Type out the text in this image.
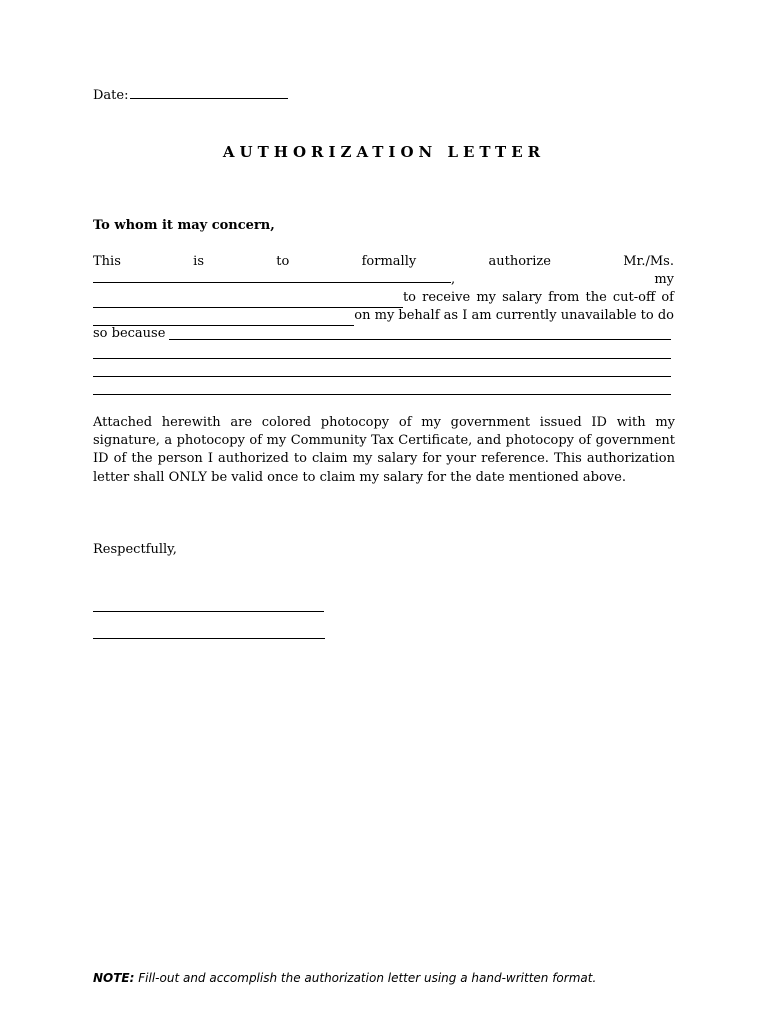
Date:
AUTHORIZATION LETTER
To whom it may concern,
This	is	to	formally	authorize	Mr./Ms.
,	my
to receive my salary from the cut-off of
on my behalf as I am currently unavailable to do
so because
Attached herewith are colored photocopy of my government issued ID with my signature, a photocopy of my Community Tax Certificate, and photocopy of government ID of the person I authorized to claim my salary for your reference. This authorization letter shall ONLY be valid once to claim my salary for the date mentioned above.
Respectfully,
NOTE: Fill-out and accomplish the authorization letter using a hand-written format.
